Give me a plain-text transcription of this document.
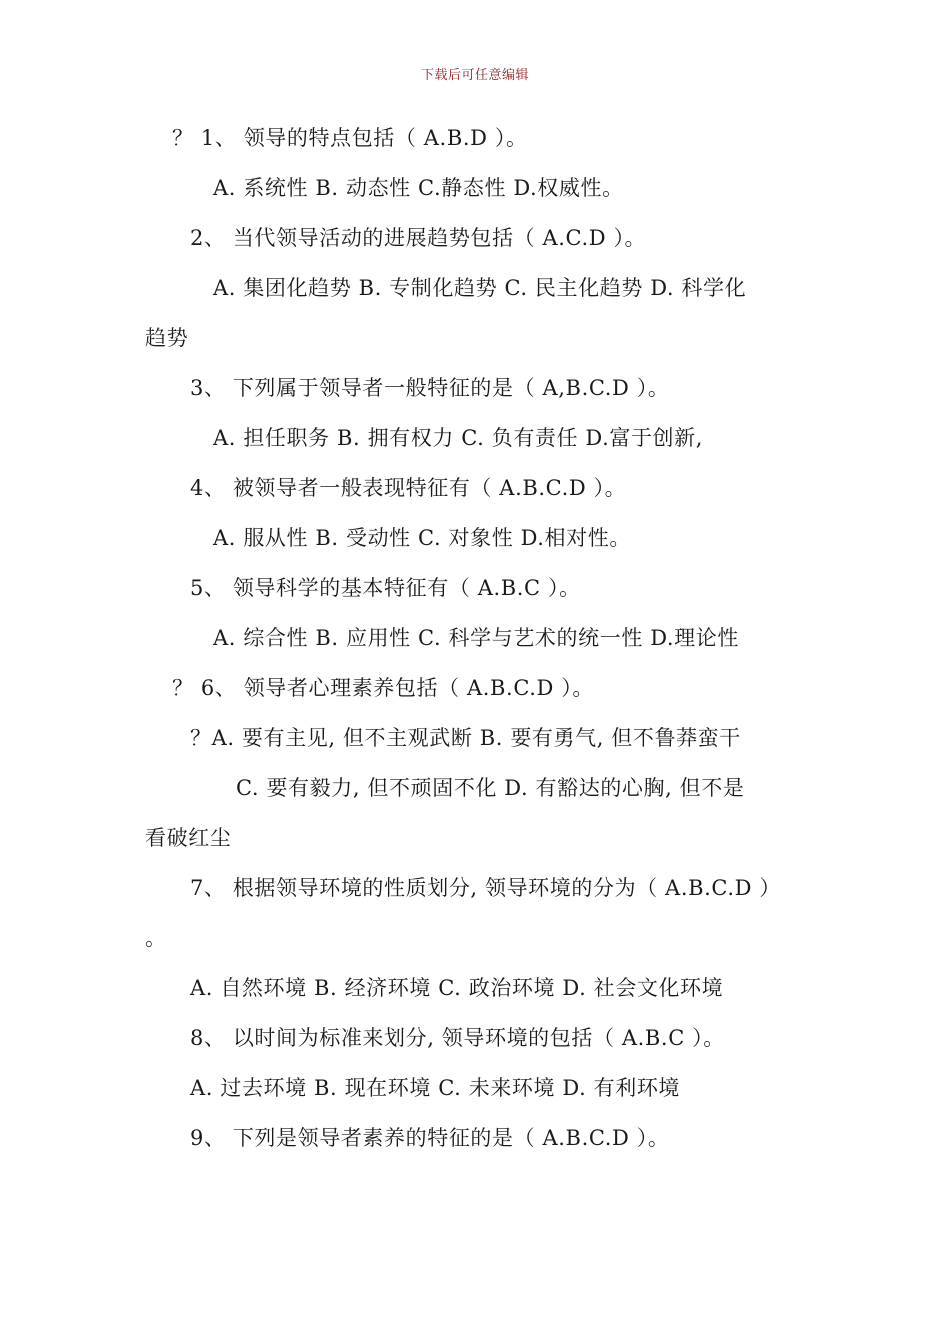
下载后可任意编辑
？ 1、 领导的特点包括（ A.B.D ）。
A. 系统性 B. 动态性 C.静态性 D.权威性。
2、 当代领导活动的进展趋势包括（ A.C.D ）。
A. 集团化趋势 B. 专制化趋势 C. 民主化趋势 D. 科学化
趋势
3、 下列属于领导者一般特征的是（ A,B.C.D ）。
A. 担任职务 B. 拥有权力 C. 负有责任 D.富于创新,
4、 被领导者一般表现特征有（ A.B.C.D ）。
A. 服从性 B. 受动性 C. 对象性 D.相对性。
5、 领导科学的基本特征有（ A.B.C ）。
A. 综合性 B. 应用性 C. 科学与艺术的统一性 D.理论性
？ 6、 领导者心理素养包括（ A.B.C.D ）。
？A. 要有主见, 但不主观武断 B. 要有勇气, 但不鲁莽蛮干
C. 要有毅力, 但不顽固不化 D. 有豁达的心胸, 但不是
看破红尘
7、 根据领导环境的性质划分, 领导环境的分为（ A.B.C.D ）
。
A. 自然环境 B. 经济环境 C. 政治环境 D. 社会文化环境
8、 以时间为标准来划分, 领导环境的包括（ A.B.C ）。
A. 过去环境 B. 现在环境 C. 未来环境 D. 有利环境
9、 下列是领导者素养的特征的是（ A.B.C.D ）。
